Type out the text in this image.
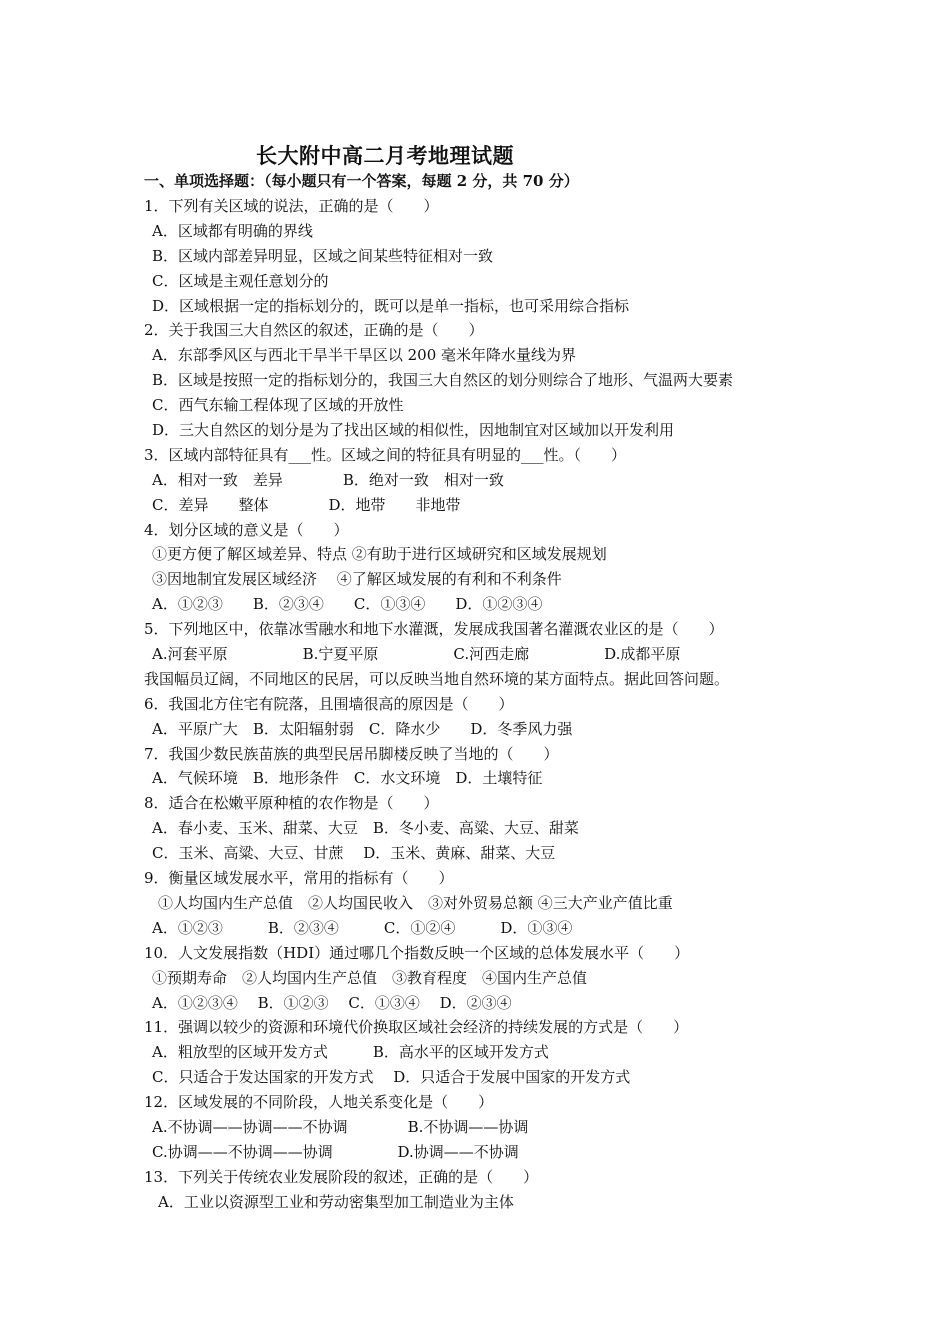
长大附中高二月考地理试题
一、单项选择题：（每小题只有一个答案，每题 2 分，共 70 分）
1．下列有关区域的说法，正确的是（　　）
A．区域都有明确的界线
B．区域内部差异明显，区域之间某些特征相对一致
C．区域是主观任意划分的
D．区域根据一定的指标划分的，既可以是单一指标，也可采用综合指标
2．关于我国三大自然区的叙述，正确的是（　　）
A．东部季风区与西北干旱半干旱区以 200 毫米年降水量线为界
B．区域是按照一定的指标划分的，我国三大自然区的划分则综合了地形、气温两大要素
C．西气东输工程体现了区域的开放性
D．三大自然区的划分是为了找出区域的相似性，因地制宜对区域加以开发利用
3．区域内部特征具有___性。区域之间的特征具有明显的___性。（　　）
A．相对一致　差异　　　　B．绝对一致　相对一致
C．差异　　整体　　　　D．地带　　非地带
4．划分区域的意义是（　　）
①更方便了解区域差异、特点 ②有助于进行区域研究和区域发展规划
③因地制宜发展区域经济　 ④了解区域发展的有利和不利条件
A．①②③　　B．②③④　　C．①③④　　D．①②③④
5．下列地区中，依靠冰雪融水和地下水灌溉，发展成我国著名灌溉农业区的是（　　）
A.河套平原　　　　　B.宁夏平原　　　　　C.河西走廊　　　　　D.成都平原
我国幅员辽阔，不同地区的民居，可以反映当地自然环境的某方面特点。据此回答问题。
6．我国北方住宅有院落，且围墙很高的原因是（　　）
A．平原广大　B．太阳辐射弱　C．降水少　　D．冬季风力强
7．我国少数民族苗族的典型民居吊脚楼反映了当地的（　　）
A．气候环境　B．地形条件　C．水文环境　D．土壤特征
8．适合在松嫩平原种植的农作物是（　　）
A．春小麦、玉米、甜菜、大豆　B．冬小麦、高粱、大豆、甜菜
C．玉米、高粱、大豆、甘蔗　 D．玉米、黄麻、甜菜、大豆
9．衡量区域发展水平，常用的指标有（　　）
①人均国内生产总值　②人均国民收入　③对外贸易总额 ④三大产业产值比重
A．①②③　　　B．②③④　　　C．①②④　　　D．①③④
10．人文发展指数（HDI）通过哪几个指数反映一个区域的总体发展水平（　　）
①预期寿命　②人均国内生产总值　③教育程度　④国内生产总值
A．①②③④　 B．①②③　 C．①③④　 D．②③④
11．强调以较少的资源和环境代价换取区域社会经济的持续发展的方式是（　　）
A．粗放型的区域开发方式　　　B．高水平的区域开发方式
C．只适合于发达国家的开发方式　 D．只适合于发展中国家的开发方式
12．区域发展的不同阶段，人地关系变化是（　　）
A.不协调——协调——不协调　　　　B.不协调——协调
C.协调——不协调——协调　　　　 D.协调——不协调
13．下列关于传统农业发展阶段的叙述，正确的是（　　）
A．工业以资源型工业和劳动密集型加工制造业为主体
